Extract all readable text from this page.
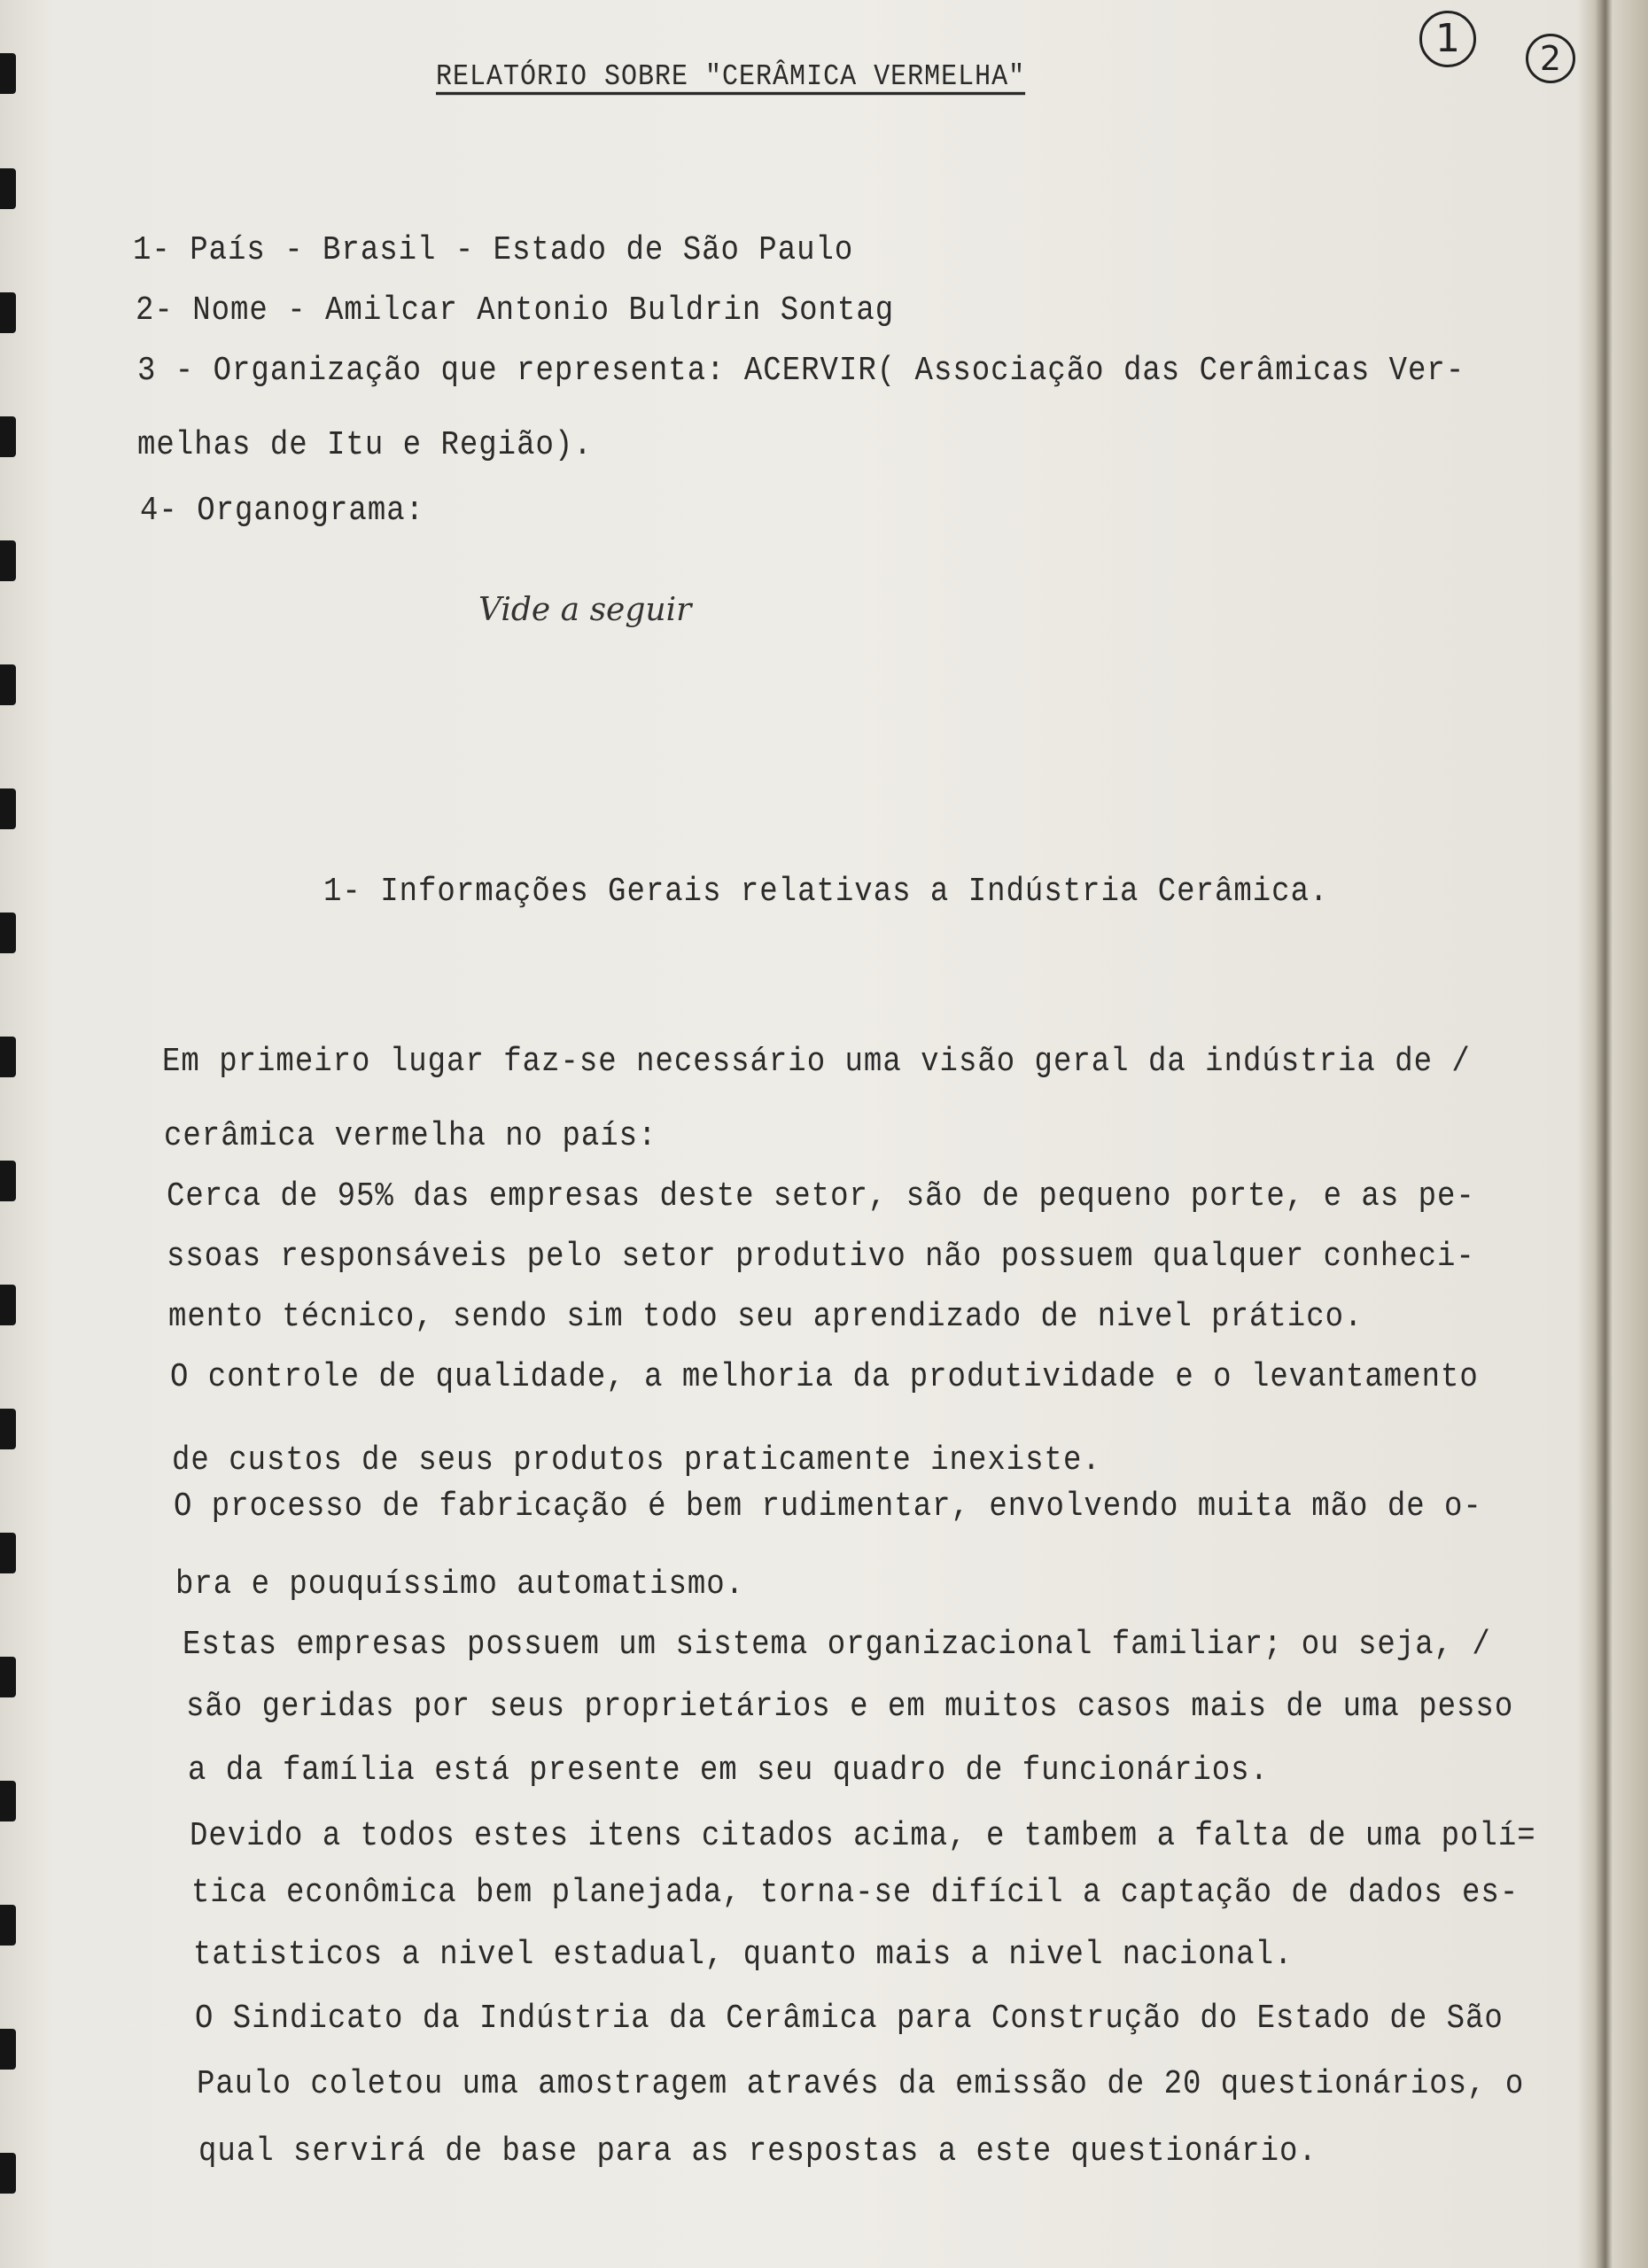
1	2
RELATÓRIO SOBRE "CERÂMICA VERMELHA"
1- País - Brasil - Estado de São Paulo
2- Nome - Amilcar Antonio Buldrin Sontag
3 - Organização que representa: ACERVIR( Associação das Cerâmicas Ver-
melhas de Itu e Região).
4- Organograma:
Vide a seguir
1- Informações Gerais relativas a Indústria Cerâmica.
Em primeiro lugar faz-se necessário uma visão geral da indústria de /
cerâmica vermelha no país:
Cerca de 95% das empresas deste setor, são de pequeno porte, e as pe-
ssoas responsáveis pelo setor produtivo não possuem qualquer conheci-
mento técnico, sendo sim todo seu aprendizado de nivel prático.
O controle de qualidade, a melhoria da produtividade e o levantamento
de custos de seus produtos praticamente inexiste.
O processo de fabricação é bem rudimentar, envolvendo muita mão de o-
bra e pouquíssimo automatismo.
Estas empresas possuem um sistema organizacional familiar; ou seja, /
são geridas por seus proprietários e em muitos casos mais de uma pesso
a da família está presente em seu quadro de funcionários.
Devido a todos estes itens citados acima, e tambem a falta de uma polí=
tica econômica bem planejada, torna-se difícil a captação de dados es-
tatisticos a nivel estadual, quanto mais a nivel nacional.
O Sindicato da Indústria da Cerâmica para Construção do Estado de São
Paulo coletou uma amostragem através da emissão de 20 questionários, o
qual servirá de base para as respostas a este questionário.
